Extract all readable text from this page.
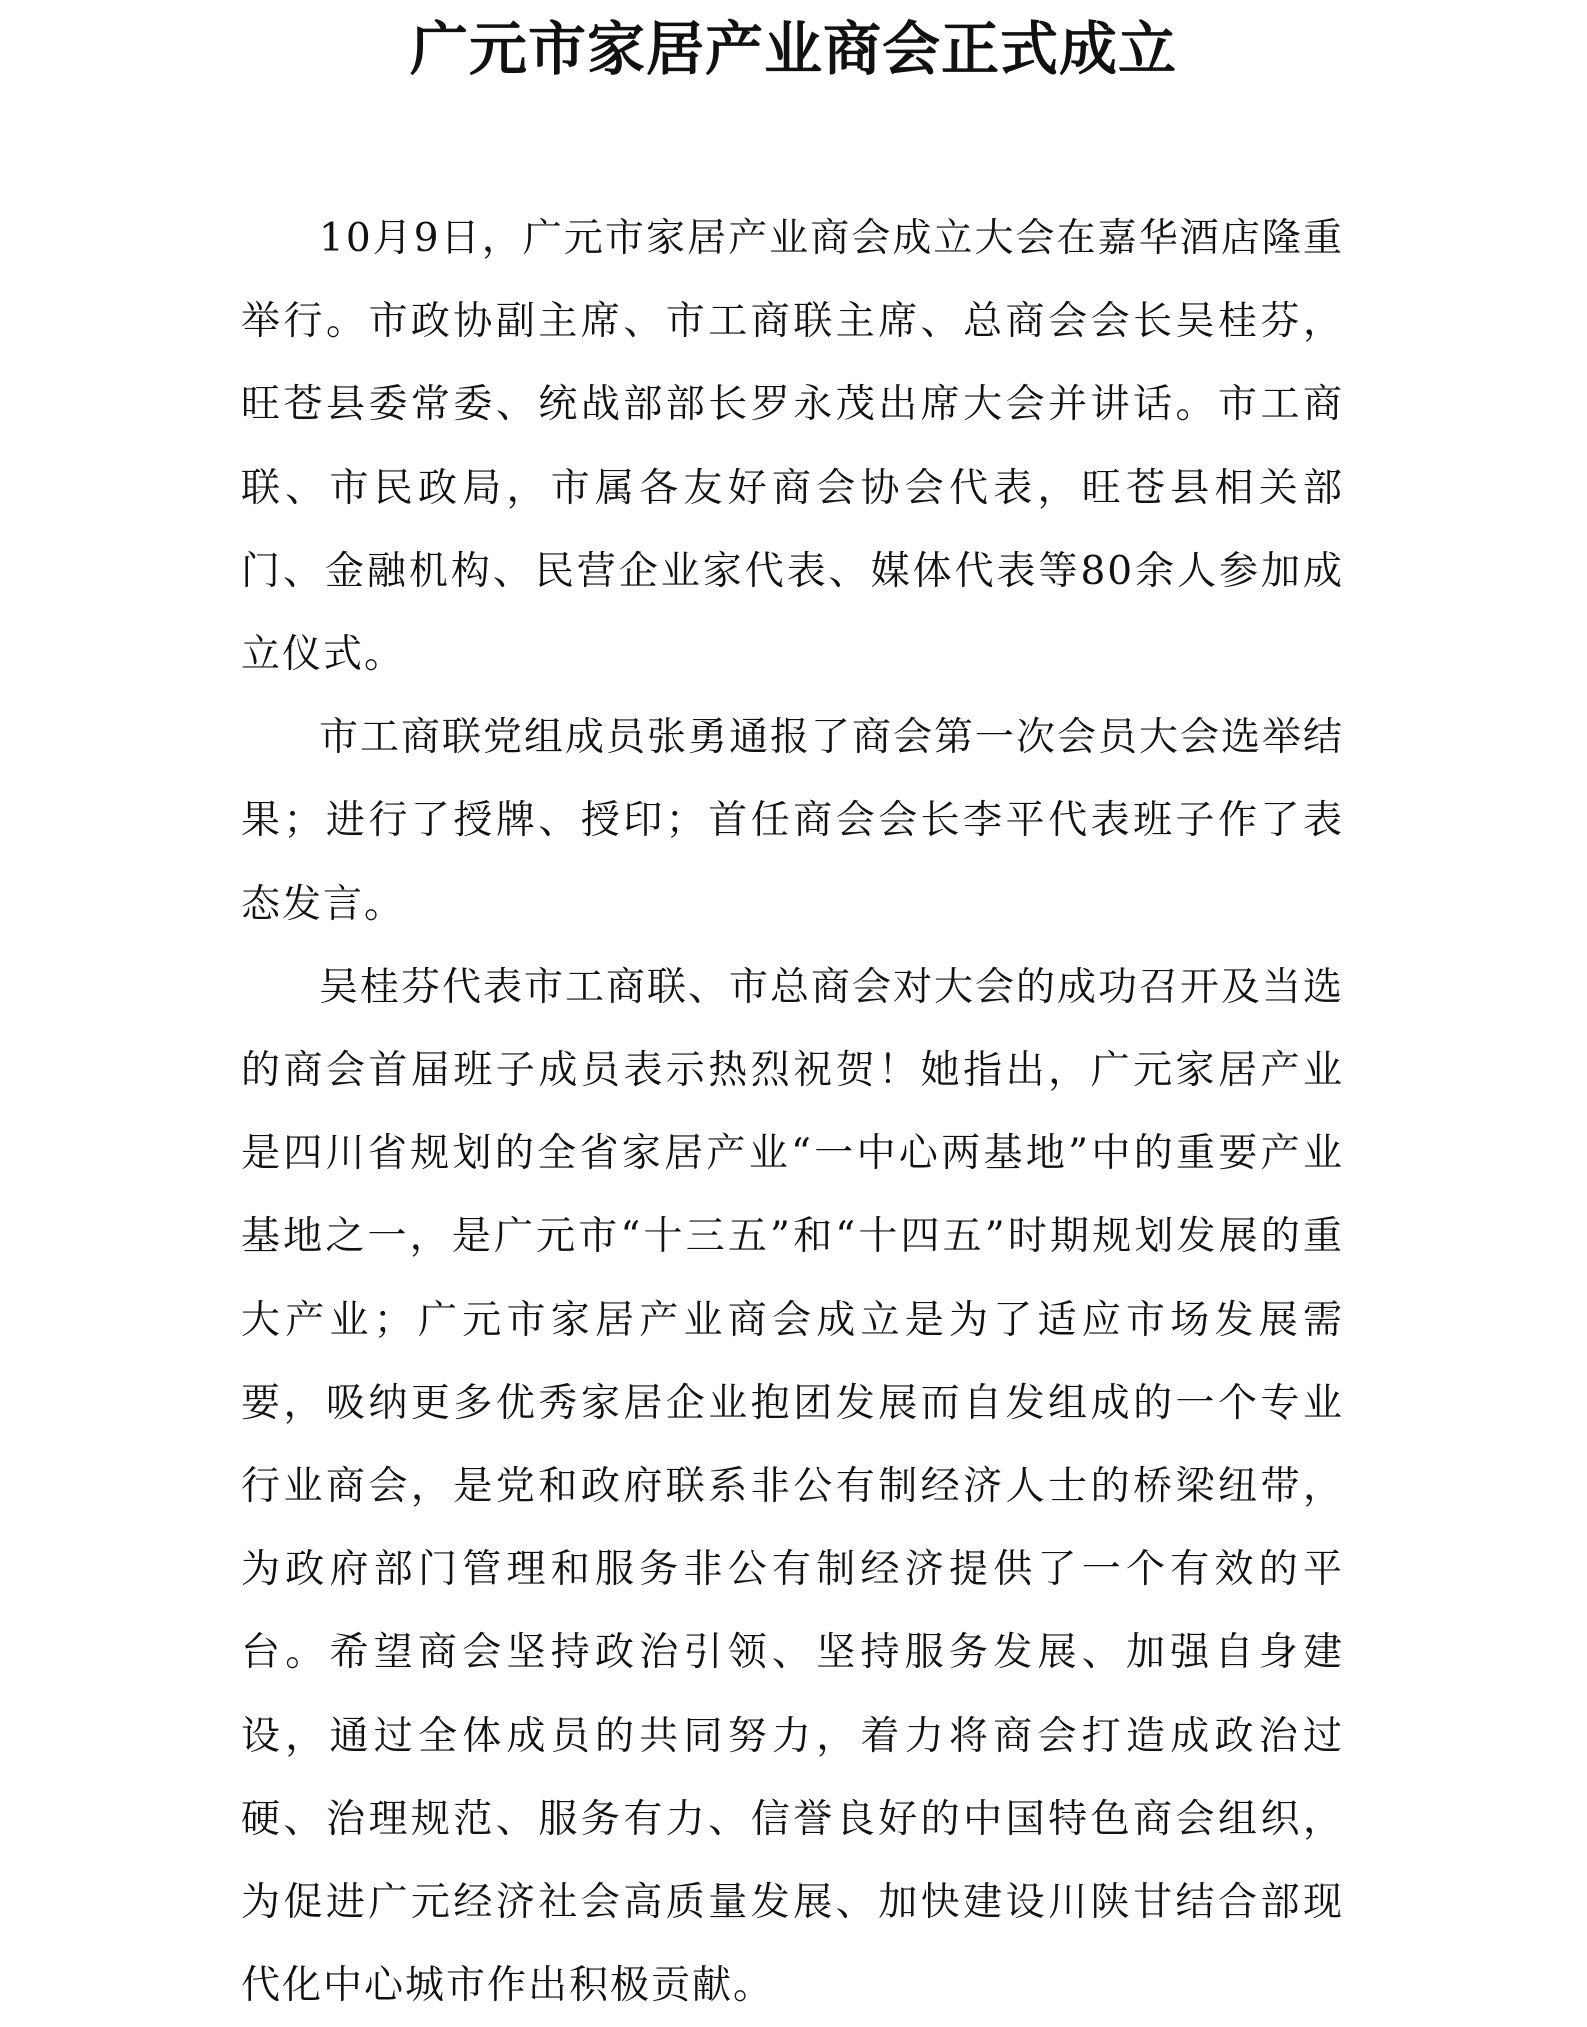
广元市家居产业商会正式成立

10月9日，广元市家居产业商会成立大会在嘉华酒店隆重举行。市政协副主席、市工商联主席、总商会会长吴桂芬，旺苍县委常委、统战部部长罗永茂出席大会并讲话。市工商联、市民政局，市属各友好商会协会代表，旺苍县相关部门、金融机构、民营企业家代表、媒体代表等80余人参加成立仪式。

市工商联党组成员张勇通报了商会第一次会员大会选举结果；进行了授牌、授印；首任商会会长李平代表班子作了表态发言。

吴桂芬代表市工商联、市总商会对大会的成功召开及当选的商会首届班子成员表示热烈祝贺！她指出，广元家居产业是四川省规划的全省家居产业“一中心两基地”中的重要产业基地之一，是广元市“十三五”和“十四五”时期规划发展的重大产业；广元市家居产业商会成立是为了适应市场发展需要，吸纳更多优秀家居企业抱团发展而自发组成的一个专业行业商会，是党和政府联系非公有制经济人士的桥梁纽带，为政府部门管理和服务非公有制经济提供了一个有效的平台。希望商会坚持政治引领、坚持服务发展、加强自身建设，通过全体成员的共同努力，着力将商会打造成政治过硬、治理规范、服务有力、信誉良好的中国特色商会组织，为促进广元经济社会高质量发展、加快建设川陕甘结合部现代化中心城市作出积极贡献。
